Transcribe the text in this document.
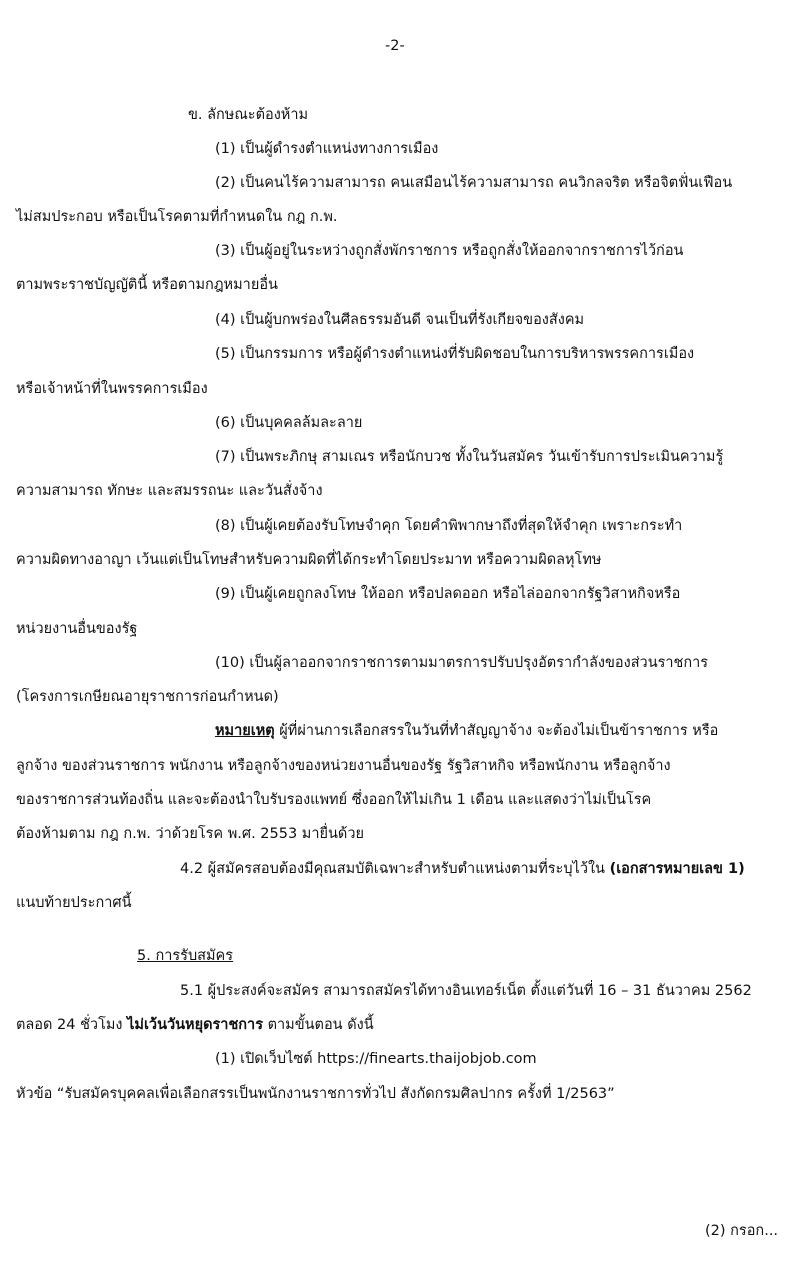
-2-
ข. ลักษณะต้องห้าม
(1) เป็นผู้ดำรงตำแหน่งทางการเมือง
(2) เป็นคนไร้ความสามารถ คนเสมือนไร้ความสามารถ คนวิกลจริต หรือจิตฟั่นเฟือน
ไม่สมประกอบ หรือเป็นโรคตามที่กำหนดใน กฎ ก.พ.
(3) เป็นผู้อยู่ในระหว่างถูกสั่งพักราชการ หรือถูกสั่งให้ออกจากราชการไว้ก่อน
ตามพระราชบัญญัตินี้ หรือตามกฎหมายอื่น
(4) เป็นผู้บกพร่องในศีลธรรมอันดี จนเป็นที่รังเกียจของสังคม
(5) เป็นกรรมการ หรือผู้ดำรงตำแหน่งที่รับผิดชอบในการบริหารพรรคการเมือง
หรือเจ้าหน้าที่ในพรรคการเมือง
(6) เป็นบุคคลล้มละลาย
(7) เป็นพระภิกษุ สามเณร หรือนักบวช ทั้งในวันสมัคร วันเข้ารับการประเมินความรู้
ความสามารถ ทักษะ และสมรรถนะ และวันสั่งจ้าง
(8) เป็นผู้เคยต้องรับโทษจำคุก โดยคำพิพากษาถึงที่สุดให้จำคุก เพราะกระทำ
ความผิดทางอาญา เว้นแต่เป็นโทษสำหรับความผิดที่ได้กระทำโดยประมาท หรือความผิดลหุโทษ
(9) เป็นผู้เคยถูกลงโทษ ให้ออก หรือปลดออก หรือไล่ออกจากรัฐวิสาหกิจหรือ
หน่วยงานอื่นของรัฐ
(10) เป็นผู้ลาออกจากราชการตามมาตรการปรับปรุงอัตรากำลังของส่วนราชการ
(โครงการเกษียณอายุราชการก่อนกำหนด)
หมายเหตุ ผู้ที่ผ่านการเลือกสรรในวันที่ทำสัญญาจ้าง จะต้องไม่เป็นข้าราชการ หรือ
ลูกจ้าง ของส่วนราชการ พนักงาน หรือลูกจ้างของหน่วยงานอื่นของรัฐ รัฐวิสาหกิจ หรือพนักงาน หรือลูกจ้าง
ของราชการส่วนท้องถิ่น และจะต้องนำใบรับรองแพทย์ ซึ่งออกให้ไม่เกิน 1 เดือน และแสดงว่าไม่เป็นโรค
ต้องห้ามตาม กฎ ก.พ. ว่าด้วยโรค พ.ศ. 2553 มายื่นด้วย
4.2 ผู้สมัครสอบต้องมีคุณสมบัติเฉพาะสำหรับตำแหน่งตามที่ระบุไว้ใน (เอกสารหมายเลข 1)
แนบท้ายประกาศนี้
5. การรับสมัคร
5.1 ผู้ประสงค์จะสมัคร สามารถสมัครได้ทางอินเทอร์เน็ต ตั้งแต่วันที่ 16 – 31 ธันวาคม 2562
ตลอด 24 ชั่วโมง ไม่เว้นวันหยุดราชการ ตามขั้นตอน ดังนี้
(1) เปิดเว็บไซต์ https://finearts.thaijobjob.com
หัวข้อ “รับสมัครบุคคลเพื่อเลือกสรรเป็นพนักงานราชการทั่วไป สังกัดกรมศิลปากร ครั้งที่ 1/2563”
(2) กรอก...
